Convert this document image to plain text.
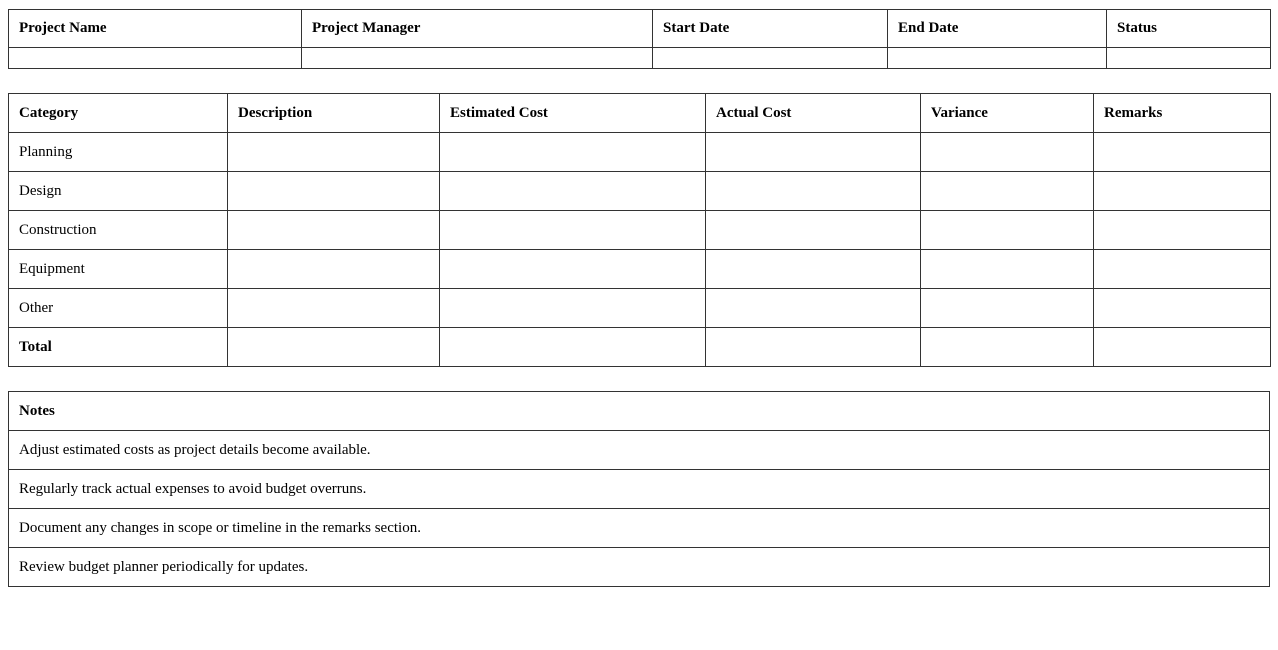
Project Name	Project Manager	Start Date	End Date	Status

Category	Description	Estimated Cost	Actual Cost	Variance	Remarks
Planning					
Design					
Construction					
Equipment					
Other					
Total					
Notes
Adjust estimated costs as project details become available.
Regularly track actual expenses to avoid budget overruns.
Document any changes in scope or timeline in the remarks section.
Review budget planner periodically for updates.
